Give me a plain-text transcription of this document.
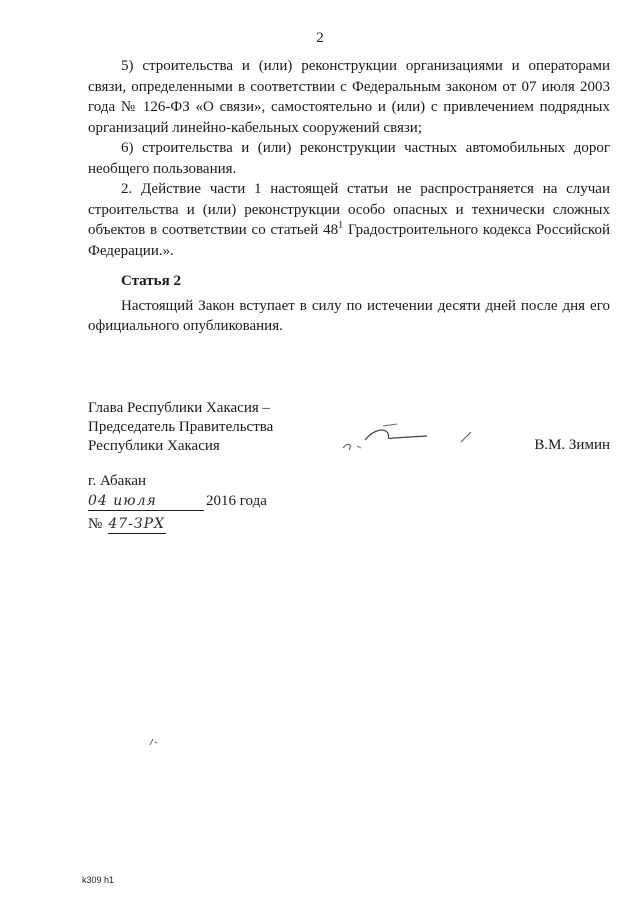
2

5) строительства и (или) реконструкции организациями и операторами связи, определенными в соответствии с Федеральным законом от 07 июля 2003 года № 126-ФЗ «О связи», самостоятельно и (или) с привлечением подрядных организаций линейно-кабельных сооружений связи;

6) строительства и (или) реконструкции частных автомобильных дорог необщего пользования.

2. Действие части 1 настоящей статьи не распространяется на случаи строительства и (или) реконструкции особо опасных и технически сложных объектов в соответствии со статьей $48^1$ Градостроительного кодекса Российской Федерации.».

Статья 2

Настоящий Закон вступает в силу по истечении десяти дней после дня его официального опубликования.

Глава Республики Хакасия –
Председатель Правительства
Республики Хакасия	В.М. Зимин
г. Абакан
04 июля	2016 года
№ 47-ЗРХ
k309 h1
